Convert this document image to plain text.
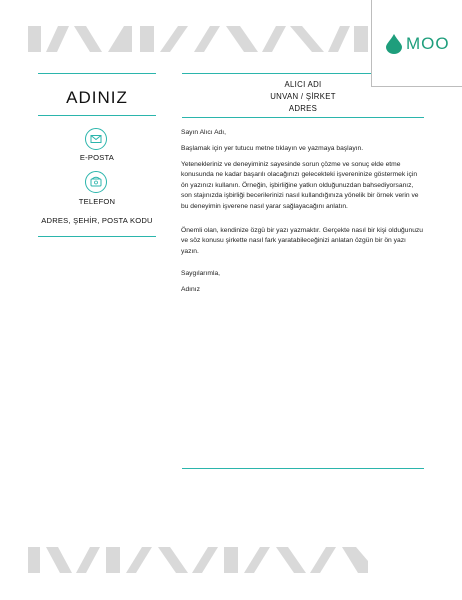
MOO
ADINIZ
E-POSTA
TELEFON
ADRES, ŞEHİR, POSTA KODU
ALICI ADI
UNVAN / ŞİRKET
ADRES
Sayın Alıcı Adı,
Başlamak için yer tutucu metne tıklayın ve yazmaya başlayın.
Yetenekleriniz ve deneyiminiz sayesinde sorun çözme ve sonuç elde etme konusunda ne kadar başarılı olacağınızı gelecekteki işvereninize göstermek için ön yazınızı kullanın. Örneğin, işbirliğine yatkın olduğunuzdan bahsediyorsanız, son stajınızda işbirliği becerilerinizi nasıl kullandığınıza yönelik bir örnek verin ve bu deneyimin işverene nasıl yarar sağlayacağını anlatın.
Önemli olan, kendinize özgü bir yazı yazmaktır. Gerçekte nasıl bir kişi olduğunuzu ve söz konusu şirkette nasıl fark yaratabileceğinizi anlatan özgün bir ön yazı yazın.
Saygılarımla,
Adınız
